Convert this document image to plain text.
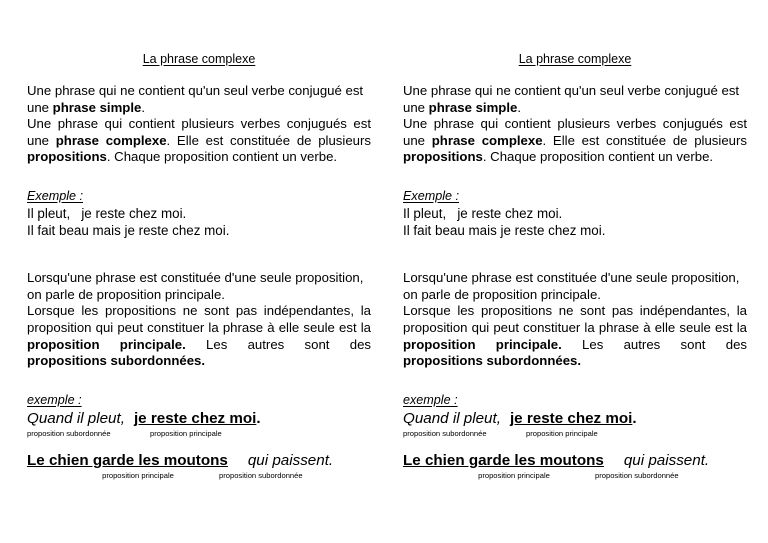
La phrase complexe

Une phrase qui ne contient qu'un seul verbe conjugué est une phrase simple.
Une phrase qui contient plusieurs verbes conjugués est une phrase complexe. Elle est constituée de plusieurs propositions. Chaque proposition contient un verbe.

Exemple :

Il pleut,   je reste chez moi.

Il fait beau mais je reste chez moi.

Lorsqu'une phrase est constituée d'une seule proposition, on parle de proposition principale.
Lorsque les propositions ne sont pas indépendantes, la proposition qui peut constituer la phrase à elle seule est la proposition principale. Les autres sont des propositions subordonnées.

exemple :

Quand il pleut, je reste chez moi.

proposition subordonnée	proposition principale

Le chien garde les moutons qui paissent.

proposition principale	proposition subordonnée

La phrase complexe

Une phrase qui ne contient qu'un seul verbe conjugué est une phrase simple.
Une phrase qui contient plusieurs verbes conjugués est une phrase complexe. Elle est constituée de plusieurs propositions. Chaque proposition contient un verbe.

Exemple :

Il pleut,   je reste chez moi.

Il fait beau mais je reste chez moi.

Lorsqu'une phrase est constituée d'une seule proposition, on parle de proposition principale.
Lorsque les propositions ne sont pas indépendantes, la proposition qui peut constituer la phrase à elle seule est la proposition principale. Les autres sont des propositions subordonnées.

exemple :

Quand il pleut, je reste chez moi.

proposition subordonnée	proposition principale

Le chien garde les moutons qui paissent.

proposition principale	proposition subordonnée
